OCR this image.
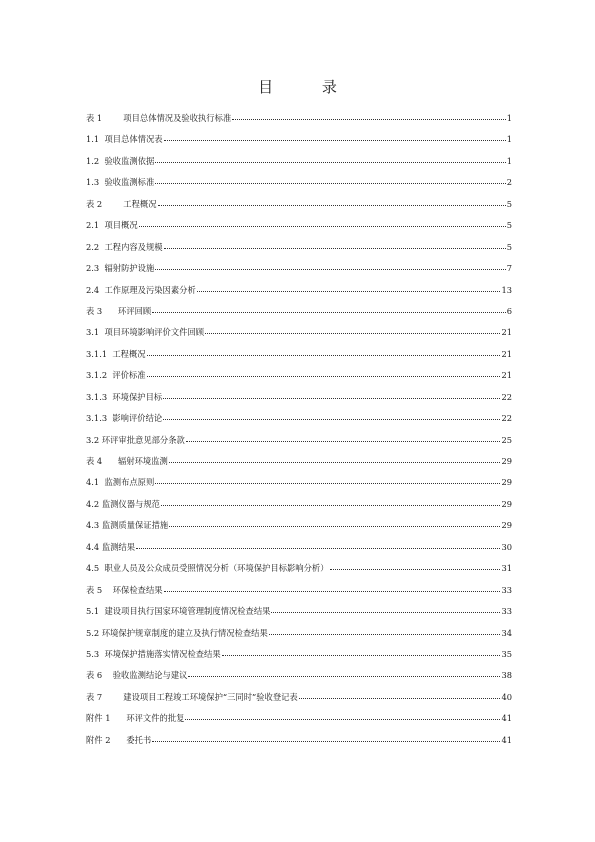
目 录
表 1        项目总体情况及验收执行标准	1
1.1  项目总体情况表	1
1.2  验收监测依据	1
1.3  验收监测标准	2
表 2        工程概况	5
2.1  项目概况	5
2.2  工程内容及规模	5
2.3  辐射防护设施	7
2.4  工作原理及污染因素分析	13
表 3      环评回顾	6
3.1  项目环境影响评价文件回顾	21
3.1.1  工程概况	21
3.1.2  评价标准	21
3.1.3  环境保护目标	22
3.1.3  影响评价结论	22
3.2 环评审批意见部分条款	25
表 4      辐射环境监测	29
4.1  监测布点原则	29
4.2 监测仪器与规范	29
4.3 监测质量保证措施	29
4.4 监测结果	30
4.5  职业人员及公众成员受照情况分析（环境保护目标影响分析）	31
表 5    环保检查结果	33
5.1  建设项目执行国家环境管理制度情况检查结果	33
5.2 环境保护规章制度的建立及执行情况检查结果	34
5.3  环境保护措施落实情况检查结果	35
表 6    验收监测结论与建议	38
表 7        建设项目工程竣工环境保护“三同时”验收登记表	40
附件 1      环评文件的批复	41
附件 2      委托书	41
